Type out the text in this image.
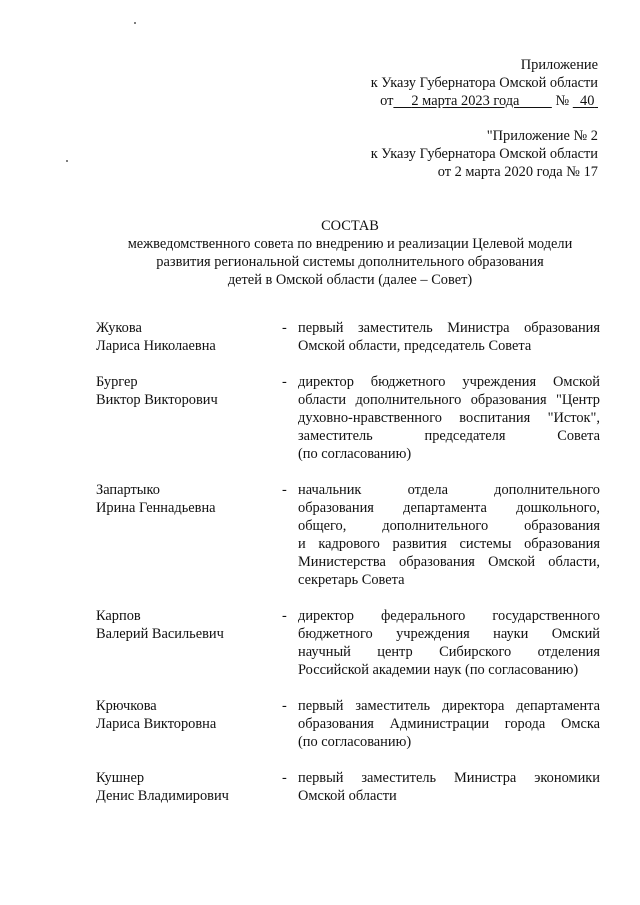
Приложение
к Указу Губернатора Омской области
от 2 марта 2023 года	№ 40
"Приложение № 2
к Указу Губернатора Омской области
от 2 марта 2020 года № 17
СОСТАВ
межведомственного совета по внедрению и реализации Целевой модели
развития региональной системы дополнительного образования
детей в Омской области (далее – Совет)
Жукова
Лариса Николаевна
- первый заместитель Министра образования
Омской области, председатель Совета
Бургер
Виктор Викторович
- директор бюджетного учреждения Омской
области дополнительного образования "Центр
духовно-нравственного воспитания "Исток",
заместитель председателя Совета
(по согласованию)
Запартыко
Ирина Геннадьевна
- начальник отдела дополнительного
образования департамента дошкольного,
общего, дополнительного образования
и кадрового развития системы образования
Министерства образования Омской области,
секретарь Совета
Карпов
Валерий Васильевич
- директор федерального государственного
бюджетного учреждения науки Омский
научный центр Сибирского отделения
Российской академии наук (по согласованию)
Крючкова
Лариса Викторовна
- первый заместитель директора департамента
образования Администрации города Омска
(по согласованию)
Кушнер
Денис Владимирович
- первый заместитель Министра экономики
Омской области
